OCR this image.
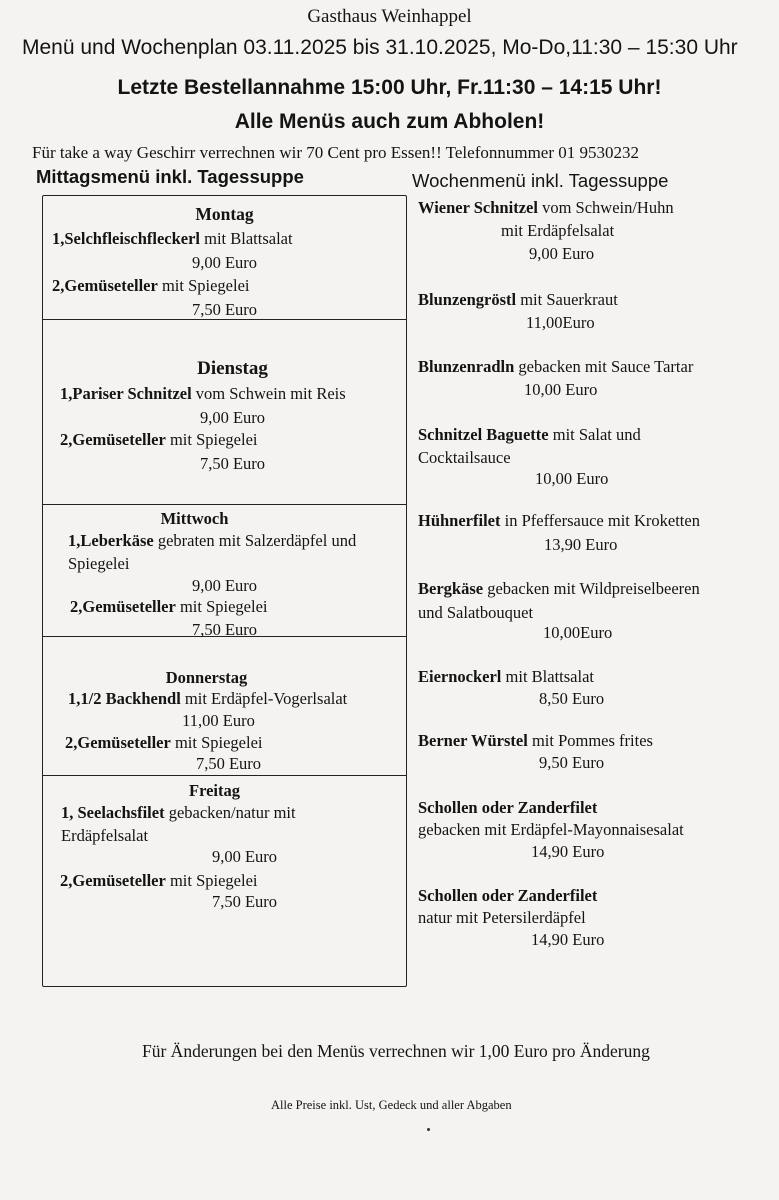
Gasthaus Weinhappel
Menü und Wochenplan 03.11.2025 bis 31.10.2025, Mo-Do,11:30 – 15:30 Uhr
Letzte Bestellannahme 15:00 Uhr, Fr.11:30 – 14:15 Uhr!
Alle Menüs auch zum Abholen!
Für take a way Geschirr verrechnen wir 70 Cent pro Essen!! Telefonnummer 01 9530232
Mittagsmenü inkl. Tagessuppe	Wochenmenü inkl. Tagessuppe
Montag
1,Selchfleischfleckerl mit Blattsalat
9,00 Euro
2,Gemüseteller mit Spiegelei
7,50 Euro
Dienstag
1,Pariser Schnitzel vom Schwein mit Reis
9,00 Euro
2,Gemüseteller mit Spiegelei
7,50 Euro
Mittwoch
1,Leberkäse gebraten mit Salzerdäpfel und
Spiegelei
9,00 Euro
2,Gemüseteller mit Spiegelei
7,50 Euro
Donnerstag
1,1/2 Backhendl mit Erdäpfel-Vogerlsalat
11,00 Euro
2,Gemüseteller mit Spiegelei
7,50 Euro
Freitag
1, Seelachsfilet gebacken/natur mit
Erdäpfelsalat
9,00 Euro
2,Gemüseteller mit Spiegelei
7,50 Euro
Wiener Schnitzel vom Schwein/Huhn
mit Erdäpfelsalat
9,00 Euro
Blunzengröstl mit Sauerkraut
11,00Euro
Blunzenradln gebacken mit Sauce Tartar
10,00 Euro
Schnitzel Baguette mit Salat und
Cocktailsauce
10,00 Euro
Hühnerfilet in Pfeffersauce mit Kroketten
13,90 Euro
Bergkäse gebacken mit Wildpreiselbeeren
und Salatbouquet
10,00Euro
Eiernockerl mit Blattsalat
8,50 Euro
Berner Würstel mit Pommes frites
9,50 Euro
Schollen oder Zanderfilet
gebacken mit Erdäpfel-Mayonnaisesalat
14,90 Euro
Schollen oder Zanderfilet
natur mit Petersilerdäpfel
14,90 Euro
Für Änderungen bei den Menüs verrechnen wir 1,00 Euro pro Änderung
Alle Preise inkl. Ust, Gedeck und aller Abgaben
